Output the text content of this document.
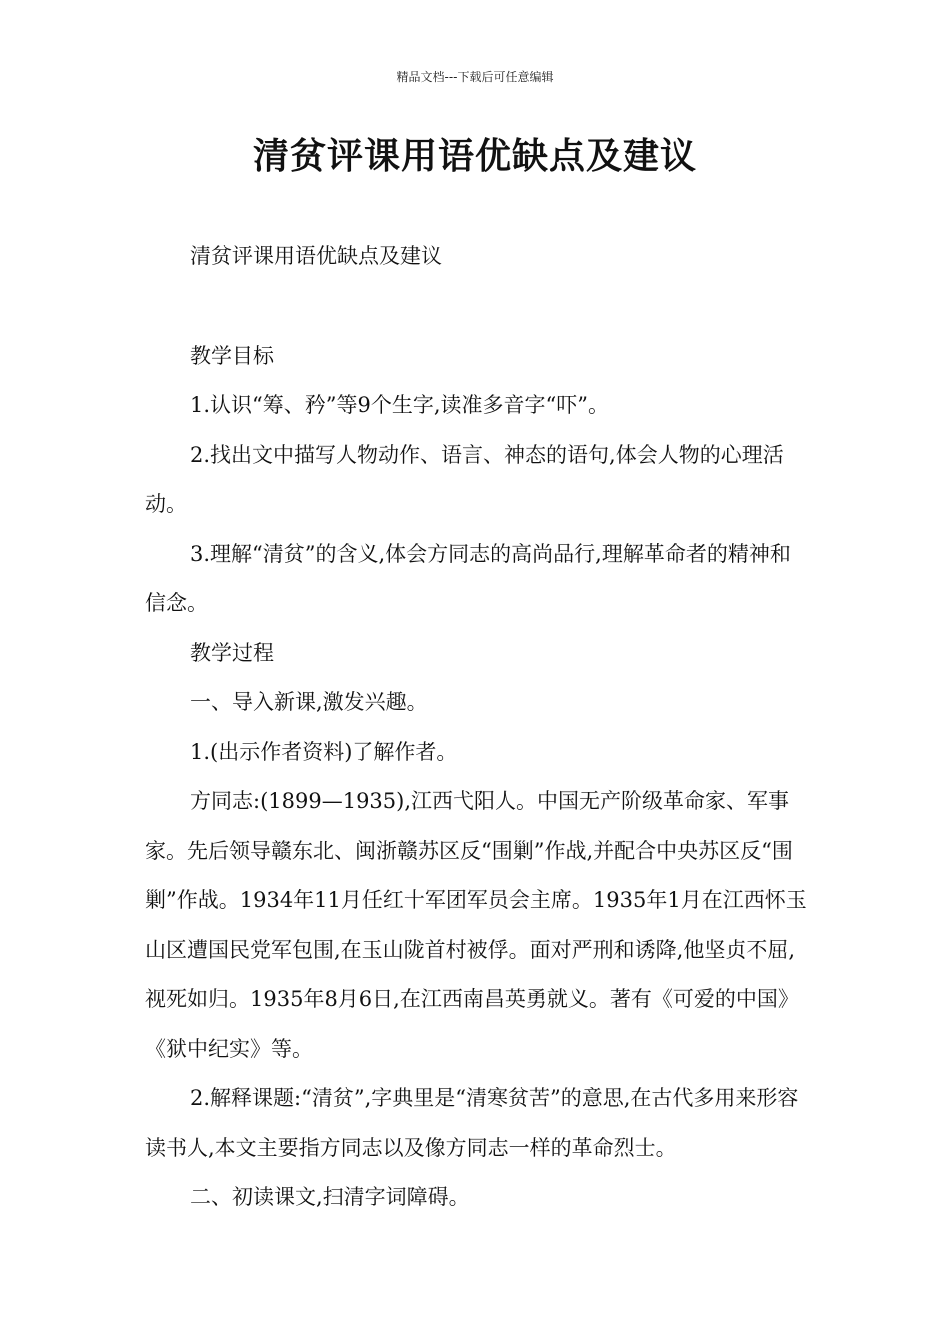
精品文档---下载后可任意编辑
清贫评课用语优缺点及建议

清贫评课用语优缺点及建议

教学目标

1.认识“筹、矜”等9个生字,读准多音字“吓”。

2.找出文中描写人物动作、语言、神态的语句,体会人物的心理活动。

3.理解“清贫”的含义,体会方同志的高尚品行,理解革命者的精神和信念。

教学过程

一、导入新课,激发兴趣。

1.(出示作者资料)了解作者。

方同志:(1899—1935),江西弋阳人。中国无产阶级革命家、军事家。先后领导赣东北、闽浙赣苏区反“围剿”作战,并配合中央苏区反“围剿”作战。1934年11月任红十军团军员会主席。1935年1月在江西怀玉山区遭国民党军包围,在玉山陇首村被俘。面对严刑和诱降,他坚贞不屈,视死如归。1935年8月6日,在江西南昌英勇就义。著有《可爱的中国》《狱中纪实》等。

2.解释课题:“清贫”,字典里是“清寒贫苦”的意思,在古代多用来形容读书人,本文主要指方同志以及像方同志一样的革命烈士。

二、初读课文,扫清字词障碍。
